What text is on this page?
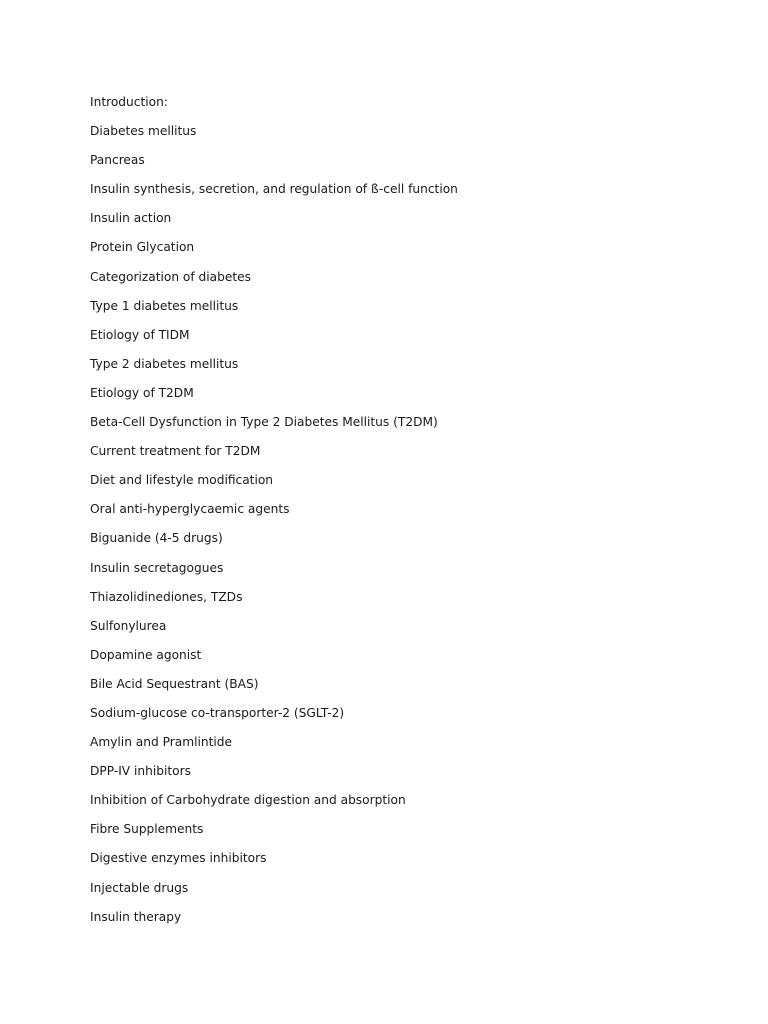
Introduction:
Diabetes mellitus
Pancreas
Insulin synthesis, secretion, and regulation of ß-cell function
Insulin action
Protein Glycation
Categorization of diabetes
Type 1 diabetes mellitus
Etiology of TIDM
Type 2 diabetes mellitus
Etiology of T2DM
Beta-Cell Dysfunction in Type 2 Diabetes Mellitus (T2DM)
Current treatment for T2DM
Diet and lifestyle modification
Oral anti-hyperglycaemic agents
Biguanide (4-5 drugs)
Insulin secretagogues
Thiazolidinediones, TZDs
Sulfonylurea
Dopamine agonist
Bile Acid Sequestrant (BAS)
Sodium-glucose co-transporter-2 (SGLT-2)
Amylin and Pramlintide
DPP-IV inhibitors
Inhibition of Carbohydrate digestion and absorption
Fibre Supplements
Digestive enzymes inhibitors
Injectable drugs
Insulin therapy
